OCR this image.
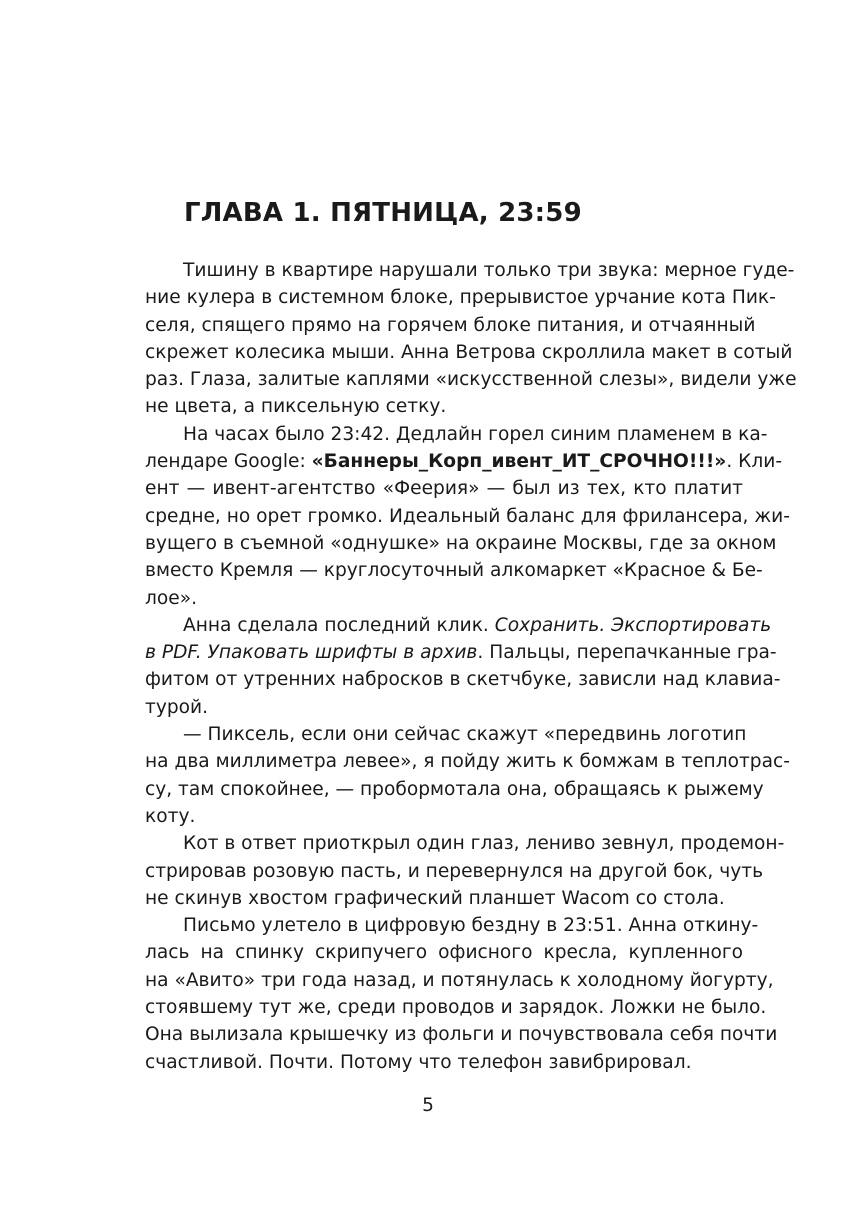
ГЛАВА 1. ПЯТНИЦА, 23:59
Тишину в квартире нарушали только три звука: мерное гуде-
ние кулера в системном блоке, прерывистое урчание кота Пик-
селя, спящего прямо на горячем блоке питания, и отчаянный
скрежет колесика мыши. Анна Ветрова скроллила макет в сотый
раз. Глаза, залитые каплями «искусственной слезы», видели уже
не цвета, а пиксельную сетку.
На часах было 23:42. Дедлайн горел синим пламенем в ка-
лендаре Google: «Баннеры_Корп_ивент_ИТ_СРОЧНО!!!». Кли-
ент — ивент-агентство «Феерия» — был из тех, кто платит
средне, но орет громко. Идеальный баланс для фрилансера, жи-
вущего в съемной «однушке» на окраине Москвы, где за окном
вместо Кремля — круглосуточный алкомаркет «Красное & Бе-
лое».
Анна сделала последний клик. Сохранить. Экспортировать
в PDF. Упаковать шрифты в архив. Пальцы, перепачканные гра-
фитом от утренних набросков в скетчбуке, зависли над клавиа-
турой.
— Пиксель, если они сейчас скажут «передвинь логотип
на два миллиметра левее», я пойду жить к бомжам в теплотрас-
су, там спокойнее, — пробормотала она, обращаясь к рыжему
коту.
Кот в ответ приоткрыл один глаз, лениво зевнул, продемон-
стрировав розовую пасть, и перевернулся на другой бок, чуть
не скинув хвостом графический планшет Wacom со стола.
Письмо улетело в цифровую бездну в 23:51. Анна откину-
лась на спинку скрипучего офисного кресла, купленного
на «Авито» три года назад, и потянулась к холодному йогурту,
стоявшему тут же, среди проводов и зарядок. Ложки не было.
Она вылизала крышечку из фольги и почувствовала себя почти
счастливой. Почти. Потому что телефон завибрировал.
5
